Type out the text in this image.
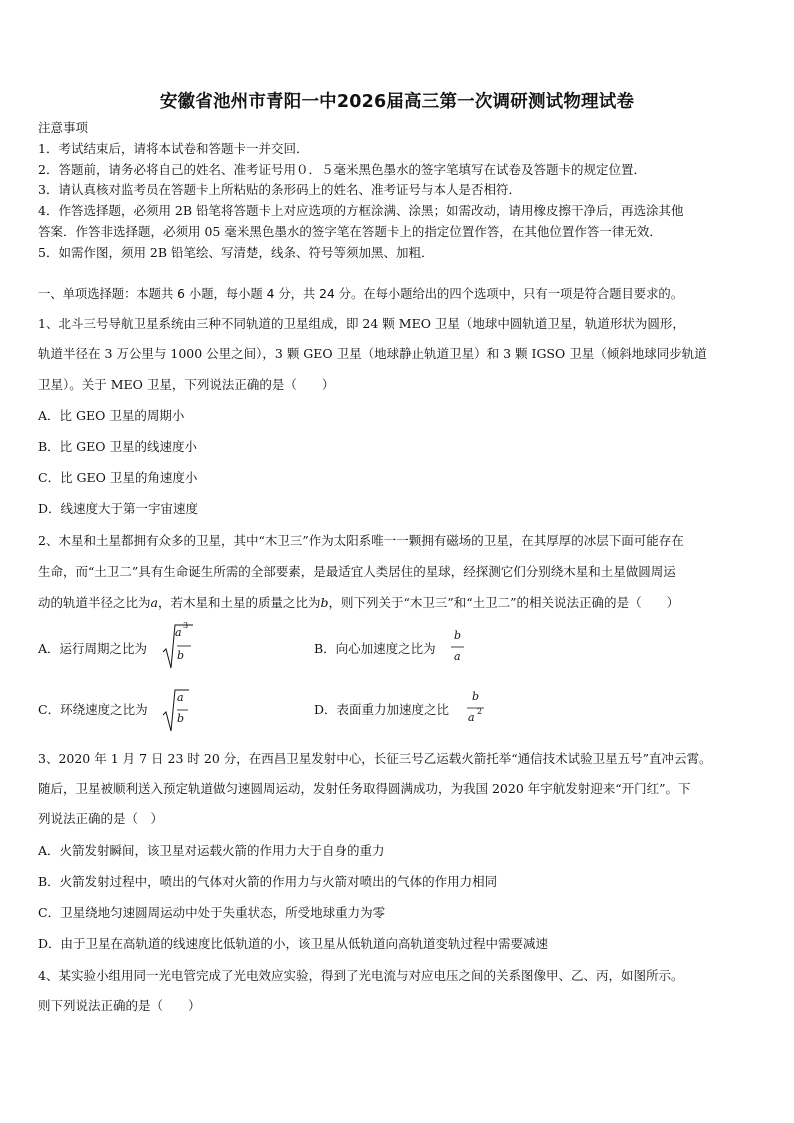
安徽省池州市青阳一中2026届高三第一次调研测试物理试卷
注意事项
1．考试结束后，请将本试卷和答题卡一并交回．
2．答题前，请务必将自己的姓名、准考证号用０．５毫米黑色墨水的签字笔填写在试卷及答题卡的规定位置．
3．请认真核对监考员在答题卡上所粘贴的条形码上的姓名、准考证号与本人是否相符．
4．作答选择题，必须用 2B 铅笔将答题卡上对应选项的方框涂满、涂黑；如需改动，请用橡皮擦干净后，再选涂其他
答案．作答非选择题，必须用 05 毫米黑色墨水的签字笔在答题卡上的指定位置作答，在其他位置作答一律无效．
5．如需作图，须用 2B 铅笔绘、写清楚，线条、符号等须加黑、加粗．
一、单项选择题：本题共 6 小题，每小题 4 分，共 24 分。在每小题给出的四个选项中，只有一项是符合题目要求的。
1、北斗三号导航卫星系统由三种不同轨道的卫星组成，即 24 颗 MEO 卫星（地球中圆轨道卫星，轨道形状为圆形，
轨道半径在 3 万公里与 1000 公里之间），3 颗 GEO 卫星（地球静止轨道卫星）和 3 颗 IGSO 卫星（倾斜地球同步轨道
卫星）。关于 MEO 卫星，下列说法正确的是（　　）
A．比 GEO 卫星的周期小
B．比 GEO 卫星的线速度小
C．比 GEO 卫星的角速度小
D．线速度大于第一宇宙速度
2、木星和土星都拥有众多的卫星，其中“木卫三”作为太阳系唯一一颗拥有磁场的卫星，在其厚厚的冰层下面可能存在
生命，而“土卫二”具有生命诞生所需的全部要素，是最适宜人类居住的星球，经探测它们分别绕木星和土星做圆周运
动的轨道半径之比为a，若木星和土星的质量之比为b，则下列关于“木卫三”和“土卫二”的相关说法正确的是（　　）
A．运行周期之比为
a
3
b	B．向心加速度之比为
b
a
C．环绕速度之比为
a
b
D．表面重力加速度之比
b
a 2
3、2020 年 1 月 7 日 23 时 20 分，在西昌卫星发射中心，长征三号乙运载火箭托举“通信技术试验卫星五号”直冲云霄。
随后，卫星被顺利送入预定轨道做匀速圆周运动，发射任务取得圆满成功，为我国 2020 年宇航发射迎来“开门红”。下
列说法正确的是（　）
A．火箭发射瞬间，该卫星对运载火箭的作用力大于自身的重力
B．火箭发射过程中，喷出的气体对火箭的作用力与火箭对喷出的气体的作用力相同
C．卫星绕地匀速圆周运动中处于失重状态，所受地球重力为零
D．由于卫星在高轨道的线速度比低轨道的小，该卫星从低轨道向高轨道变轨过程中需要减速
4、某实验小组用同一光电管完成了光电效应实验，得到了光电流与对应电压之间的关系图像甲、乙、丙，如图所示。
则下列说法正确的是（　　）
